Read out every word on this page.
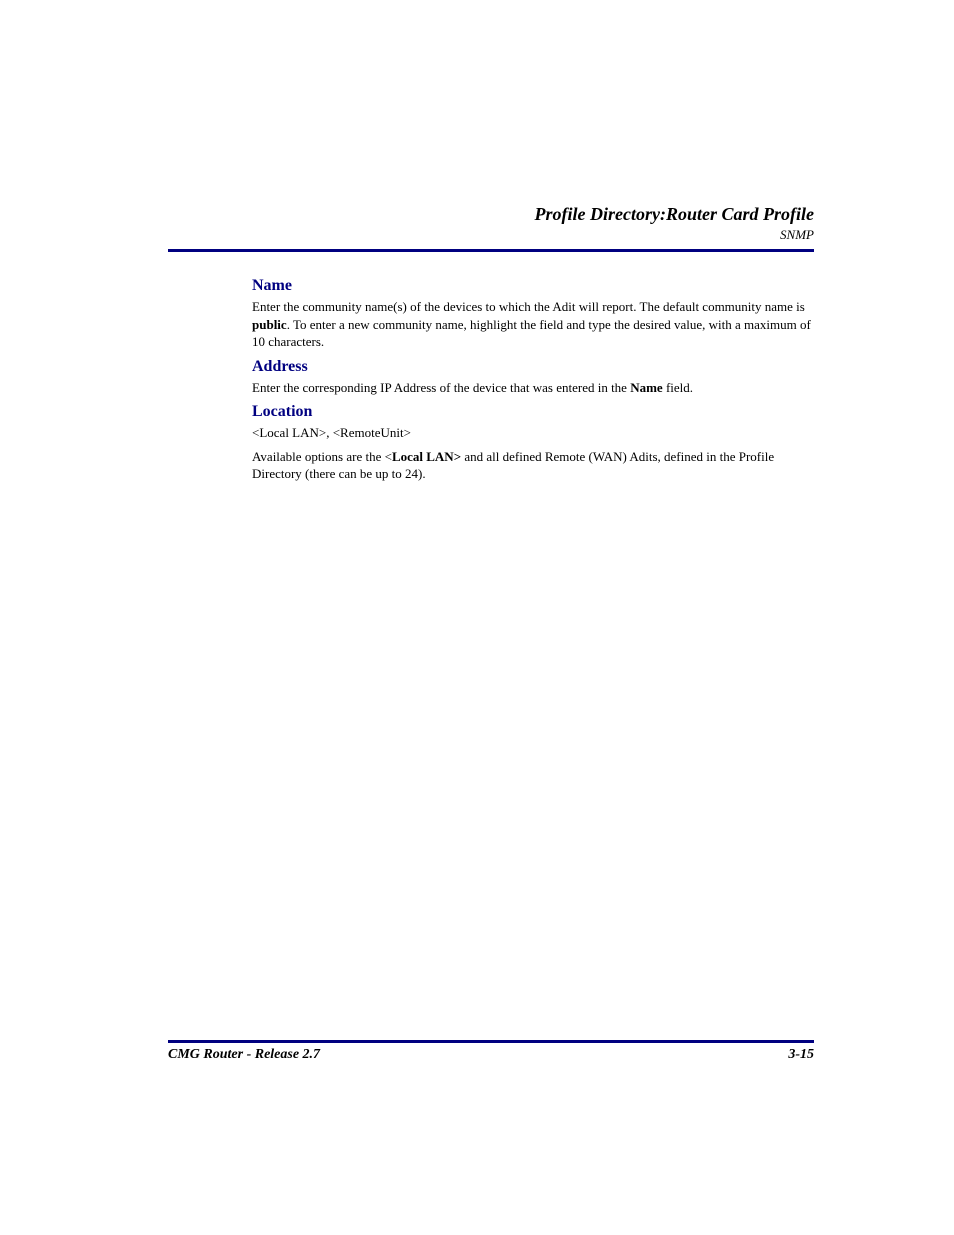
Profile Directory:Router Card Profile
SNMP
Name

Enter the community name(s) of the devices to which the Adit will report. The default community name is public. To enter a new community name, highlight the field and type the desired value, with a maximum of 10 characters.

Address

Enter the corresponding IP Address of the device that was entered in the Name field.

Location

<Local LAN>, <RemoteUnit>

Available options are the <Local LAN> and all defined Remote (WAN) Adits, defined in the Profile Directory (there can be up to 24).

CMG Router - Release 2.7	3-15
